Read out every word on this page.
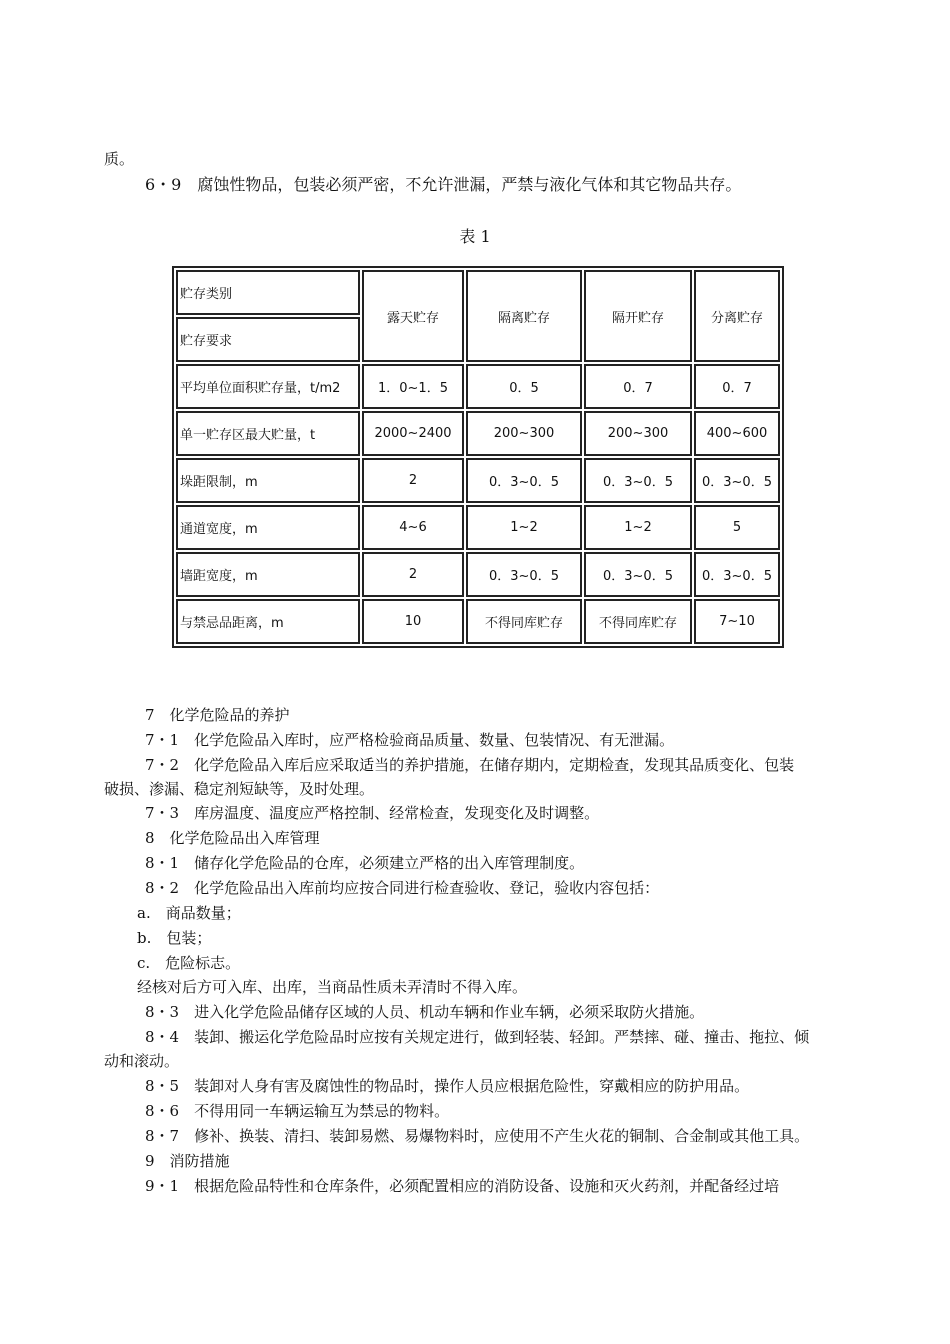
质。
6・9　腐蚀性物品，包装必须严密，不允许泄漏，严禁与液化气体和其它物品共存。
表 1
贮存类别	露天贮存	隔离贮存	隔开贮存	分离贮存
贮存要求				
平均单位面积贮存量，t/m2	1．0~1．5	0．5	0．7	0．7
单一贮存区最大贮量，t	2000~2400	200~300	200~300	400~600
垛距限制，m	2	0．3~0．5	0．3~0．5	0．3~0．5
通道宽度，m	4~6	1~2	1~2	5
墙距宽度，m	2	0．3~0．5	0．3~0．5	0．3~0．5
与禁忌品距离，m	10	不得同库贮存	不得同库贮存	7~10
7　化学危险品的养护
7・1　化学危险品入库时，应严格检验商品质量、数量、包装情况、有无泄漏。
7・2　化学危险品入库后应采取适当的养护措施，在储存期内，定期检查，发现其品质变化、包装
破损、渗漏、稳定剂短缺等，及时处理。
7・3　库房温度、温度应严格控制、经常检查，发现变化及时调整。
8　化学危险品出入库管理
8・1　储存化学危险品的仓库，必须建立严格的出入库管理制度。
8・2　化学危险品出入库前均应按合同进行检查验收、登记，验收内容包括：
a.　商品数量；
b.　包装；
c.　危险标志。
经核对后方可入库、出库，当商品性质未弄清时不得入库。
8・3　进入化学危险品储存区域的人员、机动车辆和作业车辆，必须采取防火措施。
8・4　装卸、搬运化学危险品时应按有关规定进行，做到轻装、轻卸。严禁摔、碰、撞击、拖拉、倾
动和滚动。
8・5　装卸对人身有害及腐蚀性的物品时，操作人员应根据危险性，穿戴相应的防护用品。
8・6　不得用同一车辆运输互为禁忌的物料。
8・7　修补、换装、清扫、装卸易燃、易爆物料时，应使用不产生火花的铜制、合金制或其他工具。
9　消防措施
9・1　根据危险品特性和仓库条件，必须配置相应的消防设备、设施和灭火药剂，并配备经过培
